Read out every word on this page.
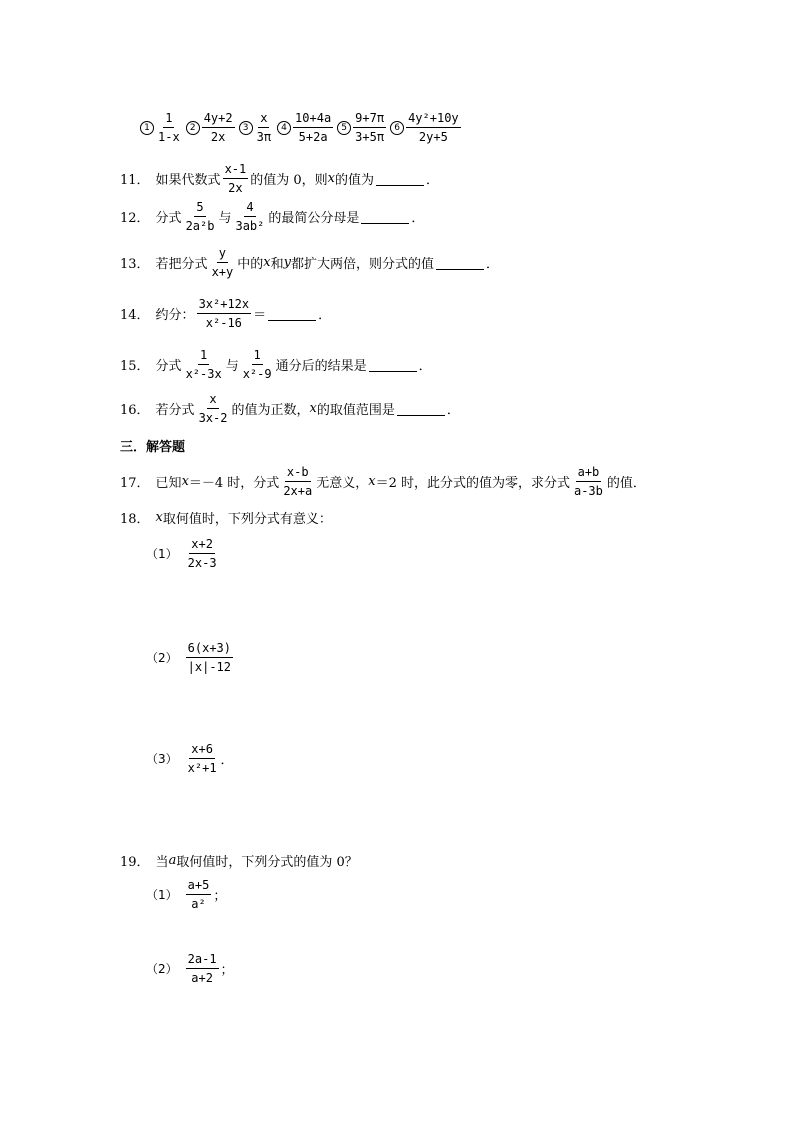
$1 \frac{1}{1-x} 2 \frac{4y+2}{2x} 3 \frac{x}{3\pi} 4 \frac{10+4a}{5+2a} 5 \frac{9+7\pi}{3+5\pi} 6 \frac{\text{4y²+10y}}{2y+5}$
11． 如果代数式 $\frac{x-1}{2x}$ 的值为 0，则 x 的值为	．
12． 分式 $\frac{5}{\text{2a²b}}$ 与 $\frac{4}{\text{3ab²}}$ 的最简公分母是	．
13． 若把分式 $\frac{y}{x+y}$ 中的 x 和 y 都扩大两倍，则分式的值	．
14． 约分： $\frac{\text{3x²+12x}}{\text{x²-16}}$ ＝	．
15． 分式 $\frac{1}{\text{x²-3x}}$ 与 $\frac{1}{\text{x²-9}}$ 通分后的结果是	．
16． 若分式 $\frac{x}{3x-2}$ 的值为正数， x 的取值范围是	．
三．解答题
17． 已知 x ＝－4 时，分式 $\frac{x-b}{2x+a}$ 无意义， x ＝2 时，此分式的值为零，求分式 $\frac{a+b}{a-3b}$ 的值．
18． x 取何值时，下列分式有意义：
$(1) \frac{x+2}{2x-3}$
$(2) \frac{6(x+3)}{|x|-12}$
$(3) \frac{x+6}{\text{x²+1}}$ ．
19． 当 a 取何值时，下列分式的值为 0？
$(1) \frac{a+5}{\text{a²}}$ ；
$(2) \frac{2a-1}{a+2}$ ；
